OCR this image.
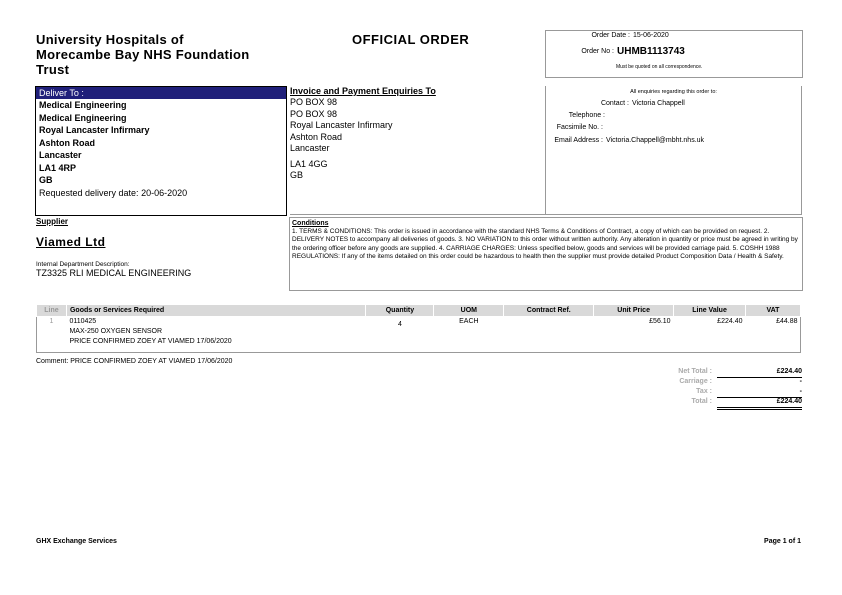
University Hospitals of
Morecambe Bay NHS Foundation
Trust
OFFICIAL ORDER	Order Date : 15-06-2020
Order No : UHMB1113743
Must be quoted on all correspondence.
Deliver To :
Medical Engineering
Medical Engineering
Royal Lancaster Infirmary
Ashton Road
Lancaster
LA1 4RP
GB
Requested delivery date: 20-06-2020
Invoice and Payment Enquiries To
PO BOX 98
PO BOX 98
Royal Lancaster Infirmary
Ashton Road
Lancaster
LA1 4GG
GB
All enquiries regarding this order to:
Contact : Victoria Chappell
Telephone :
Facsimile No. :
Email Address : Victoria.Chappell@mbht.nhs.uk
Supplier
Viamed Ltd
Internal Department Description:
TZ3325 RLI MEDICAL ENGINEERING
Conditions
1. TERMS & CONDITIONS: This order is issued in accordance with the standard NHS Terms & Conditions of Contract, a copy of which can be provided on request. 2. DELIVERY NOTES to accompany all deliveries of goods. 3. NO VARIATION to this order without written authority. Any alteration in quantity or price must be agreed in writing by the ordering officer before any goods are supplied. 4. CARRIAGE CHARGES: Unless specified below, goods and services will be provided carriage paid. 5. COSHH 1988 REGULATIONS: If any of the items detailed on this order could be hazardous to health then the supplier must provide detailed Product Composition Data / Health & Safety.
Line	Goods or Services Required	Quantity	UOM	Contract Ref.	Unit Price	Line Value	VAT
1	0110425
MAX-250 OXYGEN SENSOR
PRICE CONFIRMED ZOEY AT VIAMED 17/06/2020	4	EACH		£56.10	£224.40	£44.88
Comment: PRICE CONFIRMED ZOEY AT VIAMED 17/06/2020
Net Total :	£224.40
Carriage :	-
Tax :	-
Total :	£224.40
GHX Exchange Services	Page 1 of 1
